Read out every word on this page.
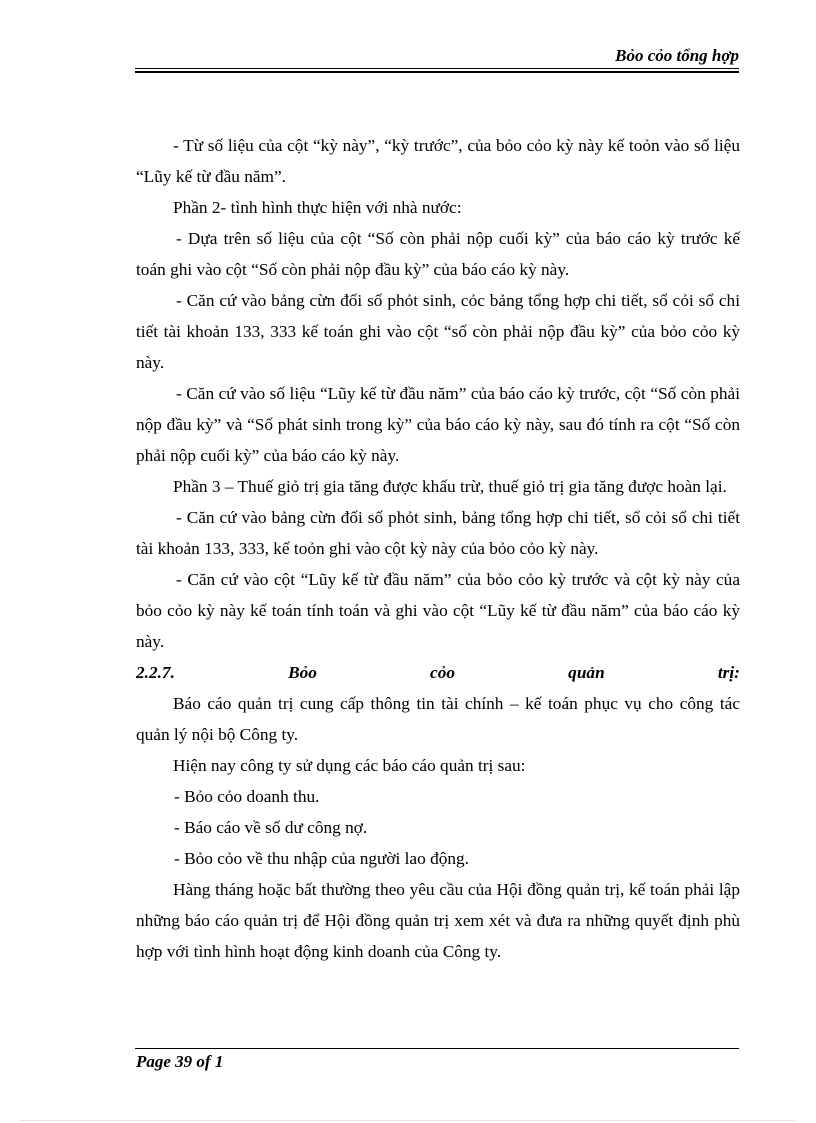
Bỏo cỏo tổng hợp

- Từ số liệu của cột “kỳ này”, “kỳ trước”, của bỏo cỏo kỳ này kế toỏn vào số liệu “Lũy kế từ đầu năm”.

Phần 2- tình hình thực hiện với nhà nước:

- Dựa trên số liệu của cột “Số còn phải nộp cuối kỳ” của báo cáo kỳ trước kế toán ghi vào cột “Số còn phải nộp đầu kỳ” của báo cáo kỳ này.

- Căn cứ vào bảng cừn đối số phỏt sinh, cỏc bảng tổng hợp chi tiết, sổ cỏi sổ chi tiết tài khoản 133, 333 kế toán ghi vào cột “số còn phải nộp đầu kỳ” của bỏo cỏo kỳ này.

- Căn cứ vào số liệu “Lũy kế từ đầu năm” của báo cáo kỳ trước, cột “Số còn phải nộp đầu kỳ” và “Số phát sinh trong kỳ” của báo cáo kỳ này, sau đó tính ra cột “Số còn phải nộp cuối kỳ” của báo cáo kỳ này.

Phần 3 – Thuế giỏ trị gia tăng được khấu trừ, thuế giỏ trị gia tăng được hoàn lại.

- Căn cứ vào bảng cừn đối số phỏt sinh, bảng tổng hợp chi tiết, sổ cỏi sổ chi tiết tài khoản 133, 333, kế toỏn ghi vào cột kỳ này của bỏo cỏo kỳ này.

- Căn cứ vào cột “Lũy kế từ đầu năm” của bỏo cỏo kỳ trước và cột kỳ này của bỏo cỏo kỳ này kế toán tính toán và ghi vào cột “Lũy kế từ đầu năm” của báo cáo kỳ này.

2.2.7.	Bỏo	cỏo	quản	trị:

Báo cáo quản trị cung cấp thông tin tài chính – kế toán phục vụ cho công tác quản lý nội bộ Công ty.

Hiện nay công ty sử dụng các báo cáo quản trị sau:

- Bỏo cỏo doanh thu.

- Báo cáo về số dư công nợ.

- Bỏo cỏo về thu nhập của người lao động.

Hàng tháng hoặc bất thường theo yêu cầu của Hội đồng quản trị, kế toán phải lập những báo cáo quản trị để Hội đồng quản trị xem xét và đưa ra những quyết định phù hợp với tình hình hoạt động kinh doanh của Công ty.

Page 39 of 1
